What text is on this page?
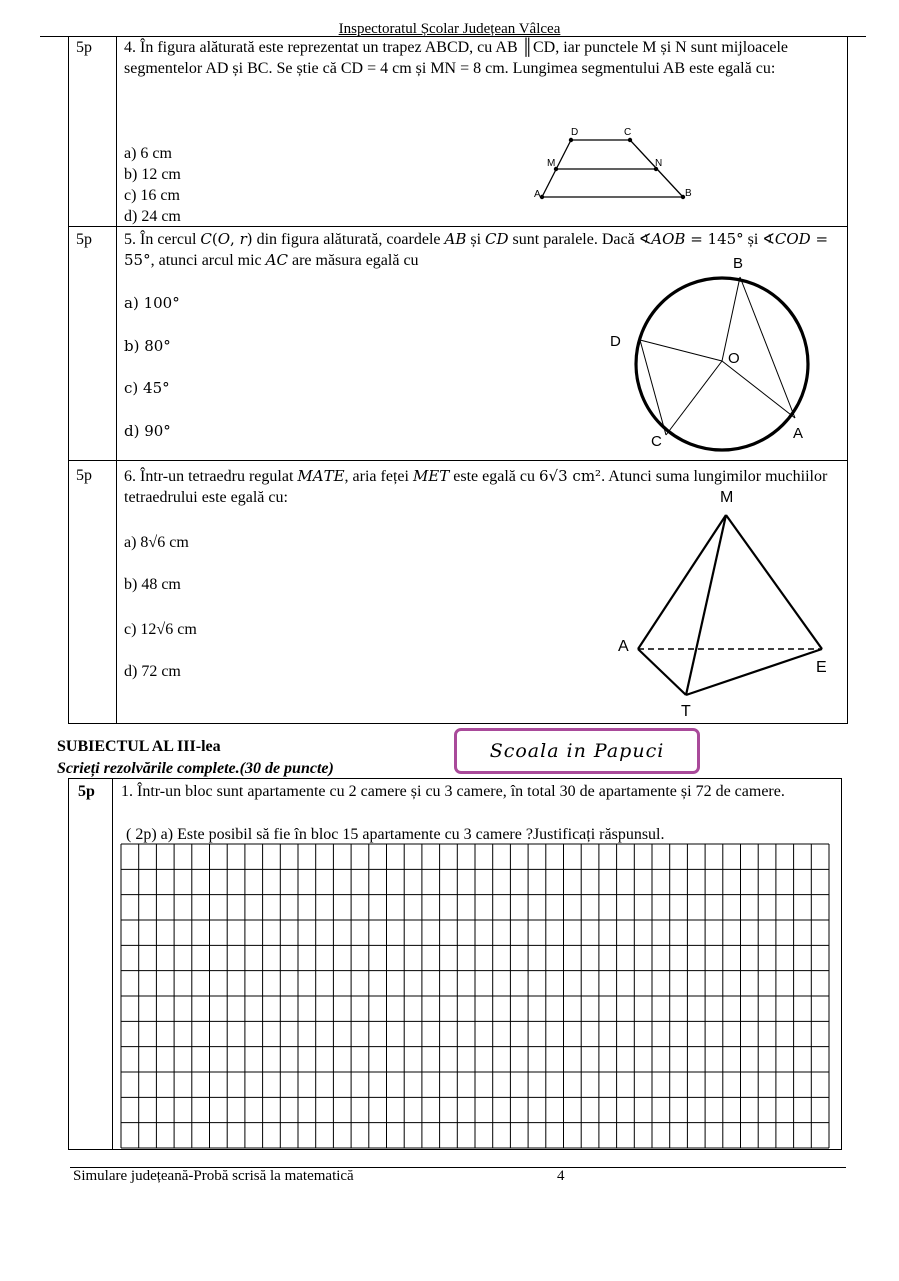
Inspectoratul Școlar Județean Vâlcea
5p 4. În figura alăturată este reprezentat un trapez ABCD, cu AB ║CD, iar punctele M și N sunt mijloacele segmentelor AD și BC. Se știe că CD = 4 cm și MN = 8 cm. Lungimea segmentului AB este egală cu:
a) 6 cm
b) 12 cm
c) 16 cm
d) 24 cm
D	C
M	N
A	B
5p 5. În cercul 𝐶(𝑂, 𝑟) din figura alăturată, coardele 𝐴𝐵 și 𝐶𝐷 sunt paralele. Dacă ∢𝐴𝑂𝐵 = 145° și ∢𝐶𝑂𝐷 = 55°, atunci arcul mic 𝐴𝐶 are măsura egală cu
a) 100°
b) 80°
c) 45°
d) 90°
B
D
O
C	A
5p 6. Într-un tetraedru regulat 𝑀𝐴𝑇𝐸, aria feței 𝑀𝐸𝑇 este egală cu 6√3 cm². Atunci suma lungimilor muchiilor tetraedrului este egală cu:
a) 8√6 cm
b) 48 cm
c) 12√6 cm
d) 72 cm
M
A
E
T
SUBIECTUL AL III-lea
Scrieți rezolvările complete.(30 de puncte)
Scoala in Papuci
5p 1. Într-un bloc sunt apartamente cu 2 camere și cu 3 camere, în total 30 de apartamente și 72 de camere.
( 2p) a) Este posibil să fie în bloc 15 apartamente cu 3 camere ?Justificați răspunsul.
Simulare județeană-Probă scrisă la matematică	4
